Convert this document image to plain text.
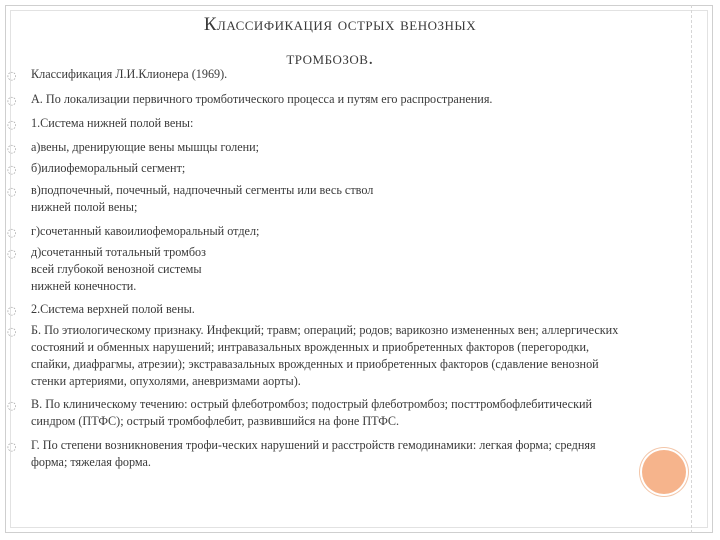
Классификация острых венозных
тромбозов.
◌ Классификация Л.И.Клионера (1969).
◌ А. По локализации первичного тромботического процесса и путям его распространения.
◌ 1.Система нижней полой вены:
◌ а)вены, дренирующие вены мышцы голени;
◌ б)илиофеморальный сегмент;
◌ в)подпочечный, почечный, надпочечный сегменты или весь ствол
нижней полой вены;
◌ г)сочетанный кавоилиофеморальный отдел;
◌ д)сочетанный тотальный тромбоз
всей глубокой венозной системы
нижней конечности.
◌ 2.Система верхней полой вены.
◌ Б. По этиологическому признаку. Инфекций; травм; операций; родов; варикозно измененных вен; аллергических
состояний и обменных нарушений; интравазальных врожденных и приобретенных факторов (перегородки,
спайки, диафрагмы, атрезии); экстравазальных врожденных и приобретенных факторов (сдавление венозной
стенки артериями, опухолями, аневризмами аорты).
◌ В. По клиническому течению: острый флеботромбоз; подострый флеботромбоз; посттромбофлебитический
синдром (ПТФС); острый тромбофлебит, развившийся на фоне ПТФС.
◌ Г. По степени возникновения трофи-ческих нарушений и расстройств гемодинамики: легкая форма; средняя
форма; тяжелая форма.
